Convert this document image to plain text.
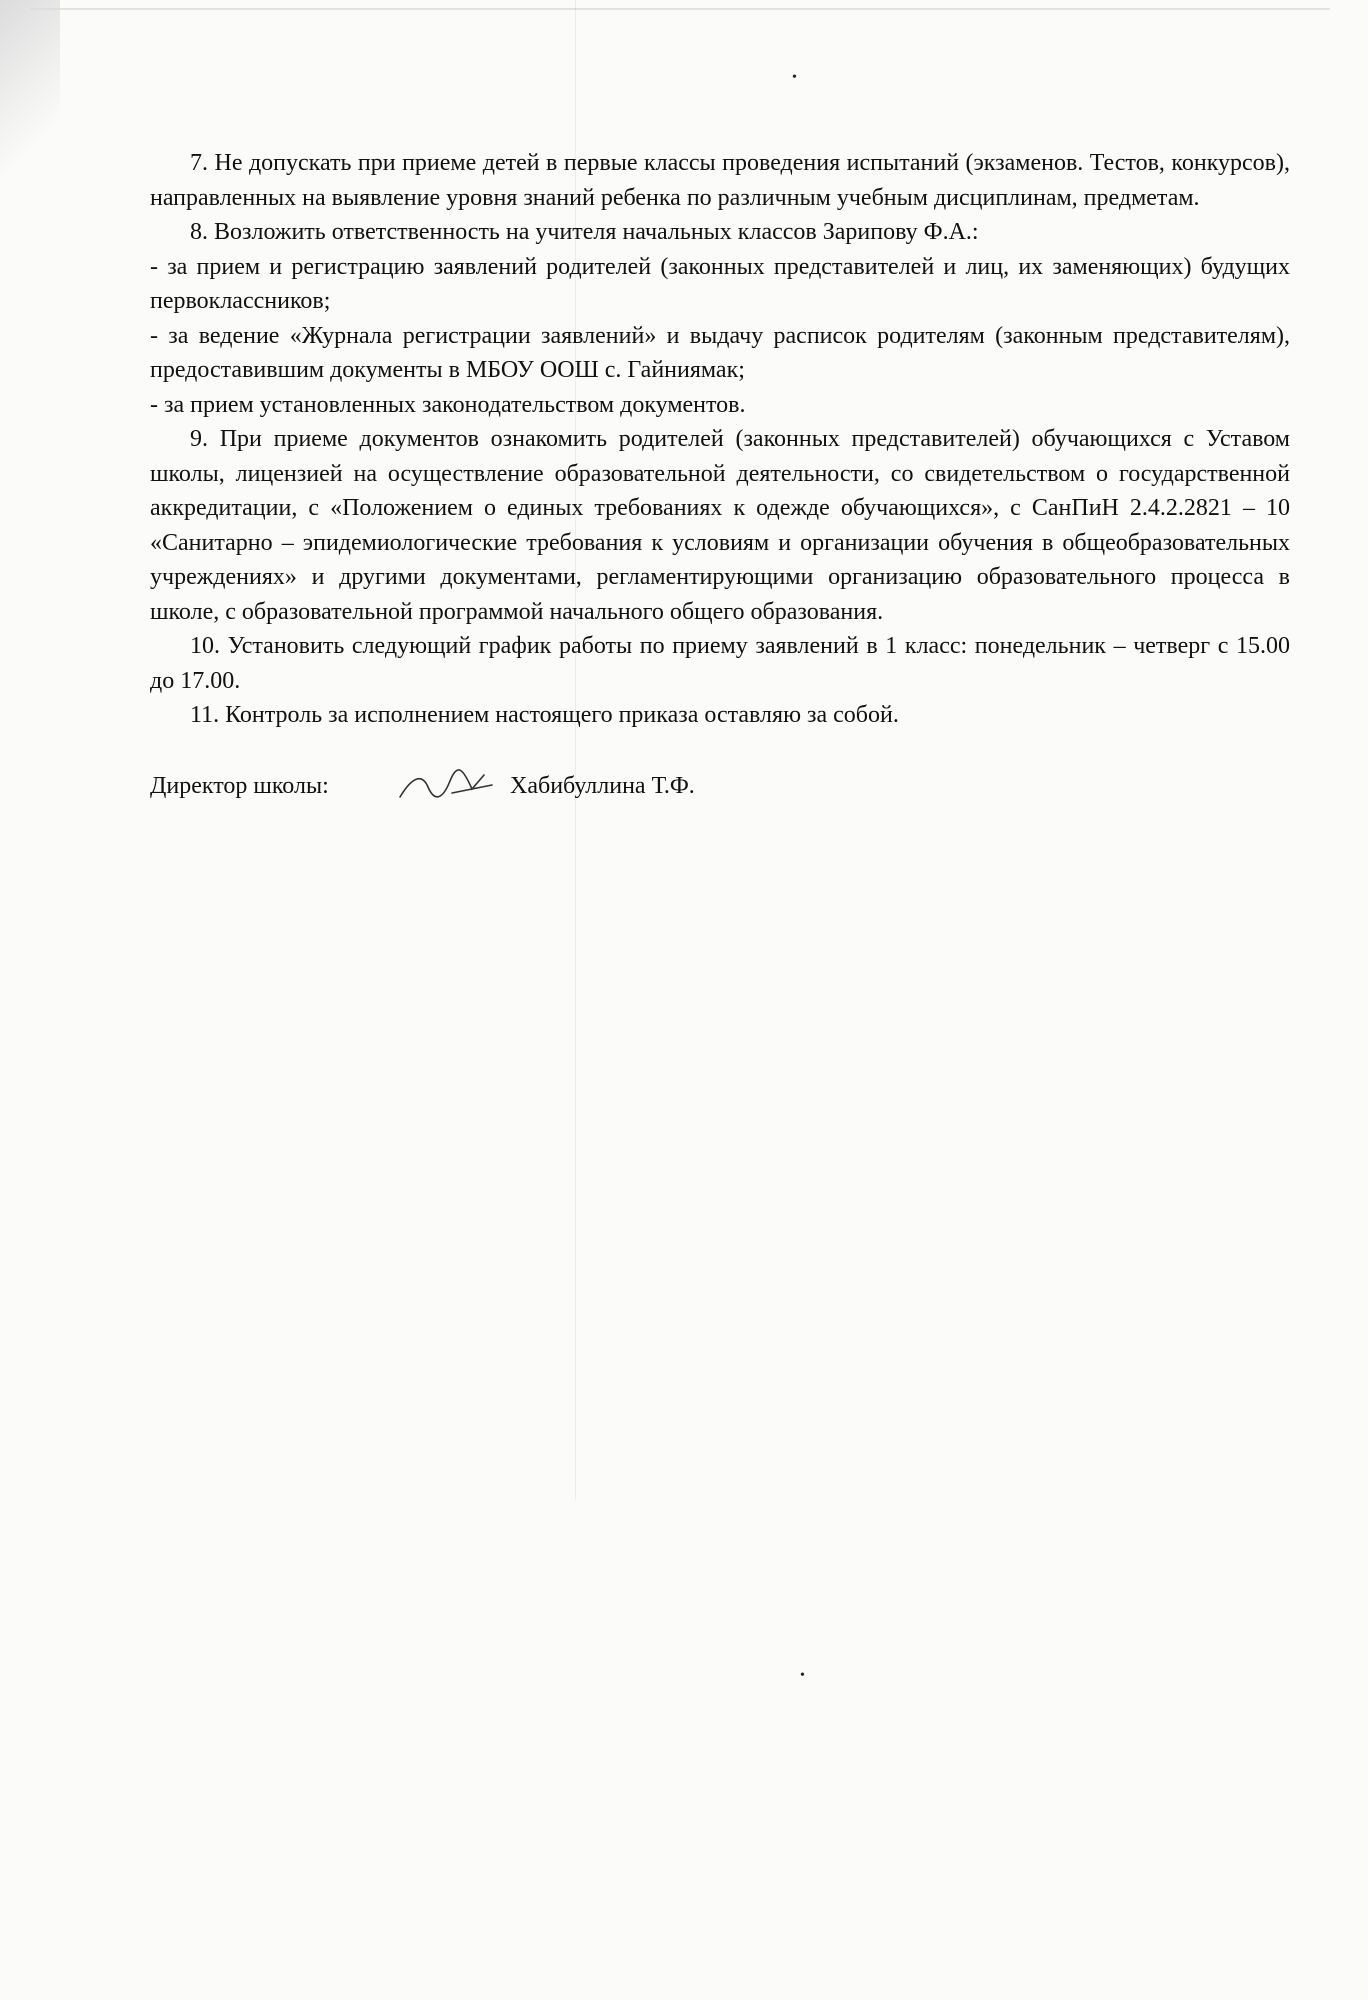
•
•

7. Не допускать при приеме детей в первые классы проведения испытаний (экзаменов. Тестов, конкурсов), направленных на выявление уровня знаний ребенка по различным учебным дисциплинам, предметам.

8. Возложить ответственность на учителя начальных классов Зарипову Ф.А.:

- за прием и регистрацию заявлений родителей (законных представителей и лиц, их заменяющих) будущих первоклассников;

- за ведение «Журнала регистрации заявлений» и выдачу расписок родителям (законным представителям), предоставившим документы в МБОУ ООШ с. Гайниямак;

- за прием установленных законодательством документов.

9. При приеме документов ознакомить родителей (законных представителей) обучающихся с Уставом школы, лицензией на осуществление образовательной деятельности, со свидетельством о государственной аккредитации, с «Положением о единых требованиях к одежде обучающихся», с СанПиН 2.4.2.2821 – 10 «Санитарно – эпидемиологические требования к условиям и организации обучения в общеобразовательных учреждениях» и другими документами, регламентирующими организацию образовательного процесса в школе, с образовательной программой начального общего образования.

10. Установить следующий график работы по приему заявлений в 1 класс: понедельник – четверг с 15.00 до 17.00.

11. Контроль за исполнением настоящего приказа оставляю за собой.

Директор школы:	Хабибуллина Т.Ф.
